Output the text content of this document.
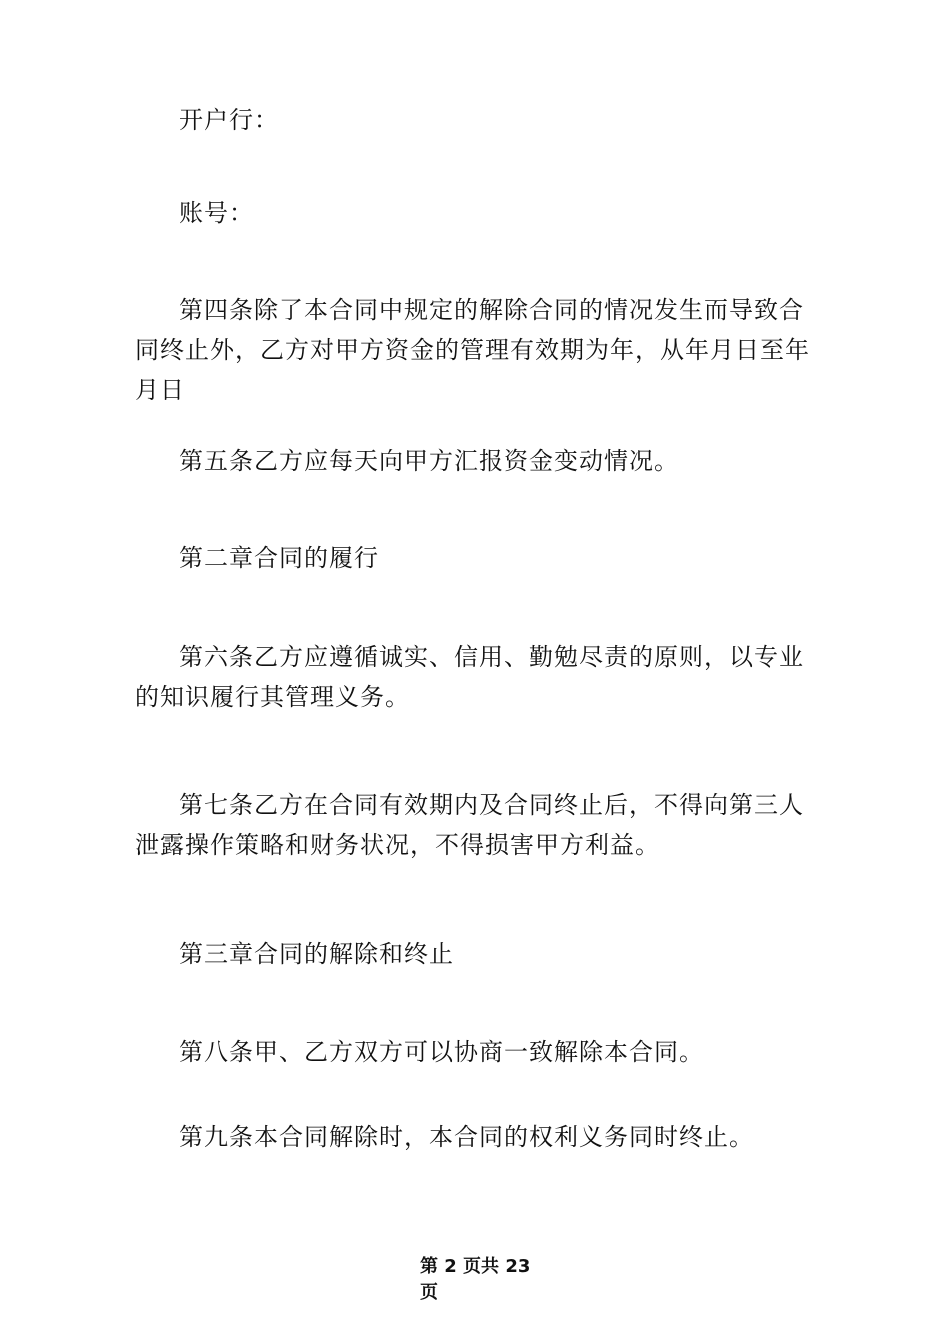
开户行：

账号：

第四条除了本合同中规定的解除合同的情况发生而导致合同终止外，乙方对甲方资金的管理有效期为年，从年月日至年月日

第五条乙方应每天向甲方汇报资金变动情况。

第二章合同的履行

第六条乙方应遵循诚实、信用、勤勉尽责的原则，以专业的知识履行其管理义务。

第七条乙方在合同有效期内及合同终止后，不得向第三人泄露操作策略和财务状况，不得损害甲方利益。

第三章合同的解除和终止

第八条甲、乙方双方可以协商一致解除本合同。

第九条本合同解除时，本合同的权利义务同时终止。

第 2 页共 23
页
